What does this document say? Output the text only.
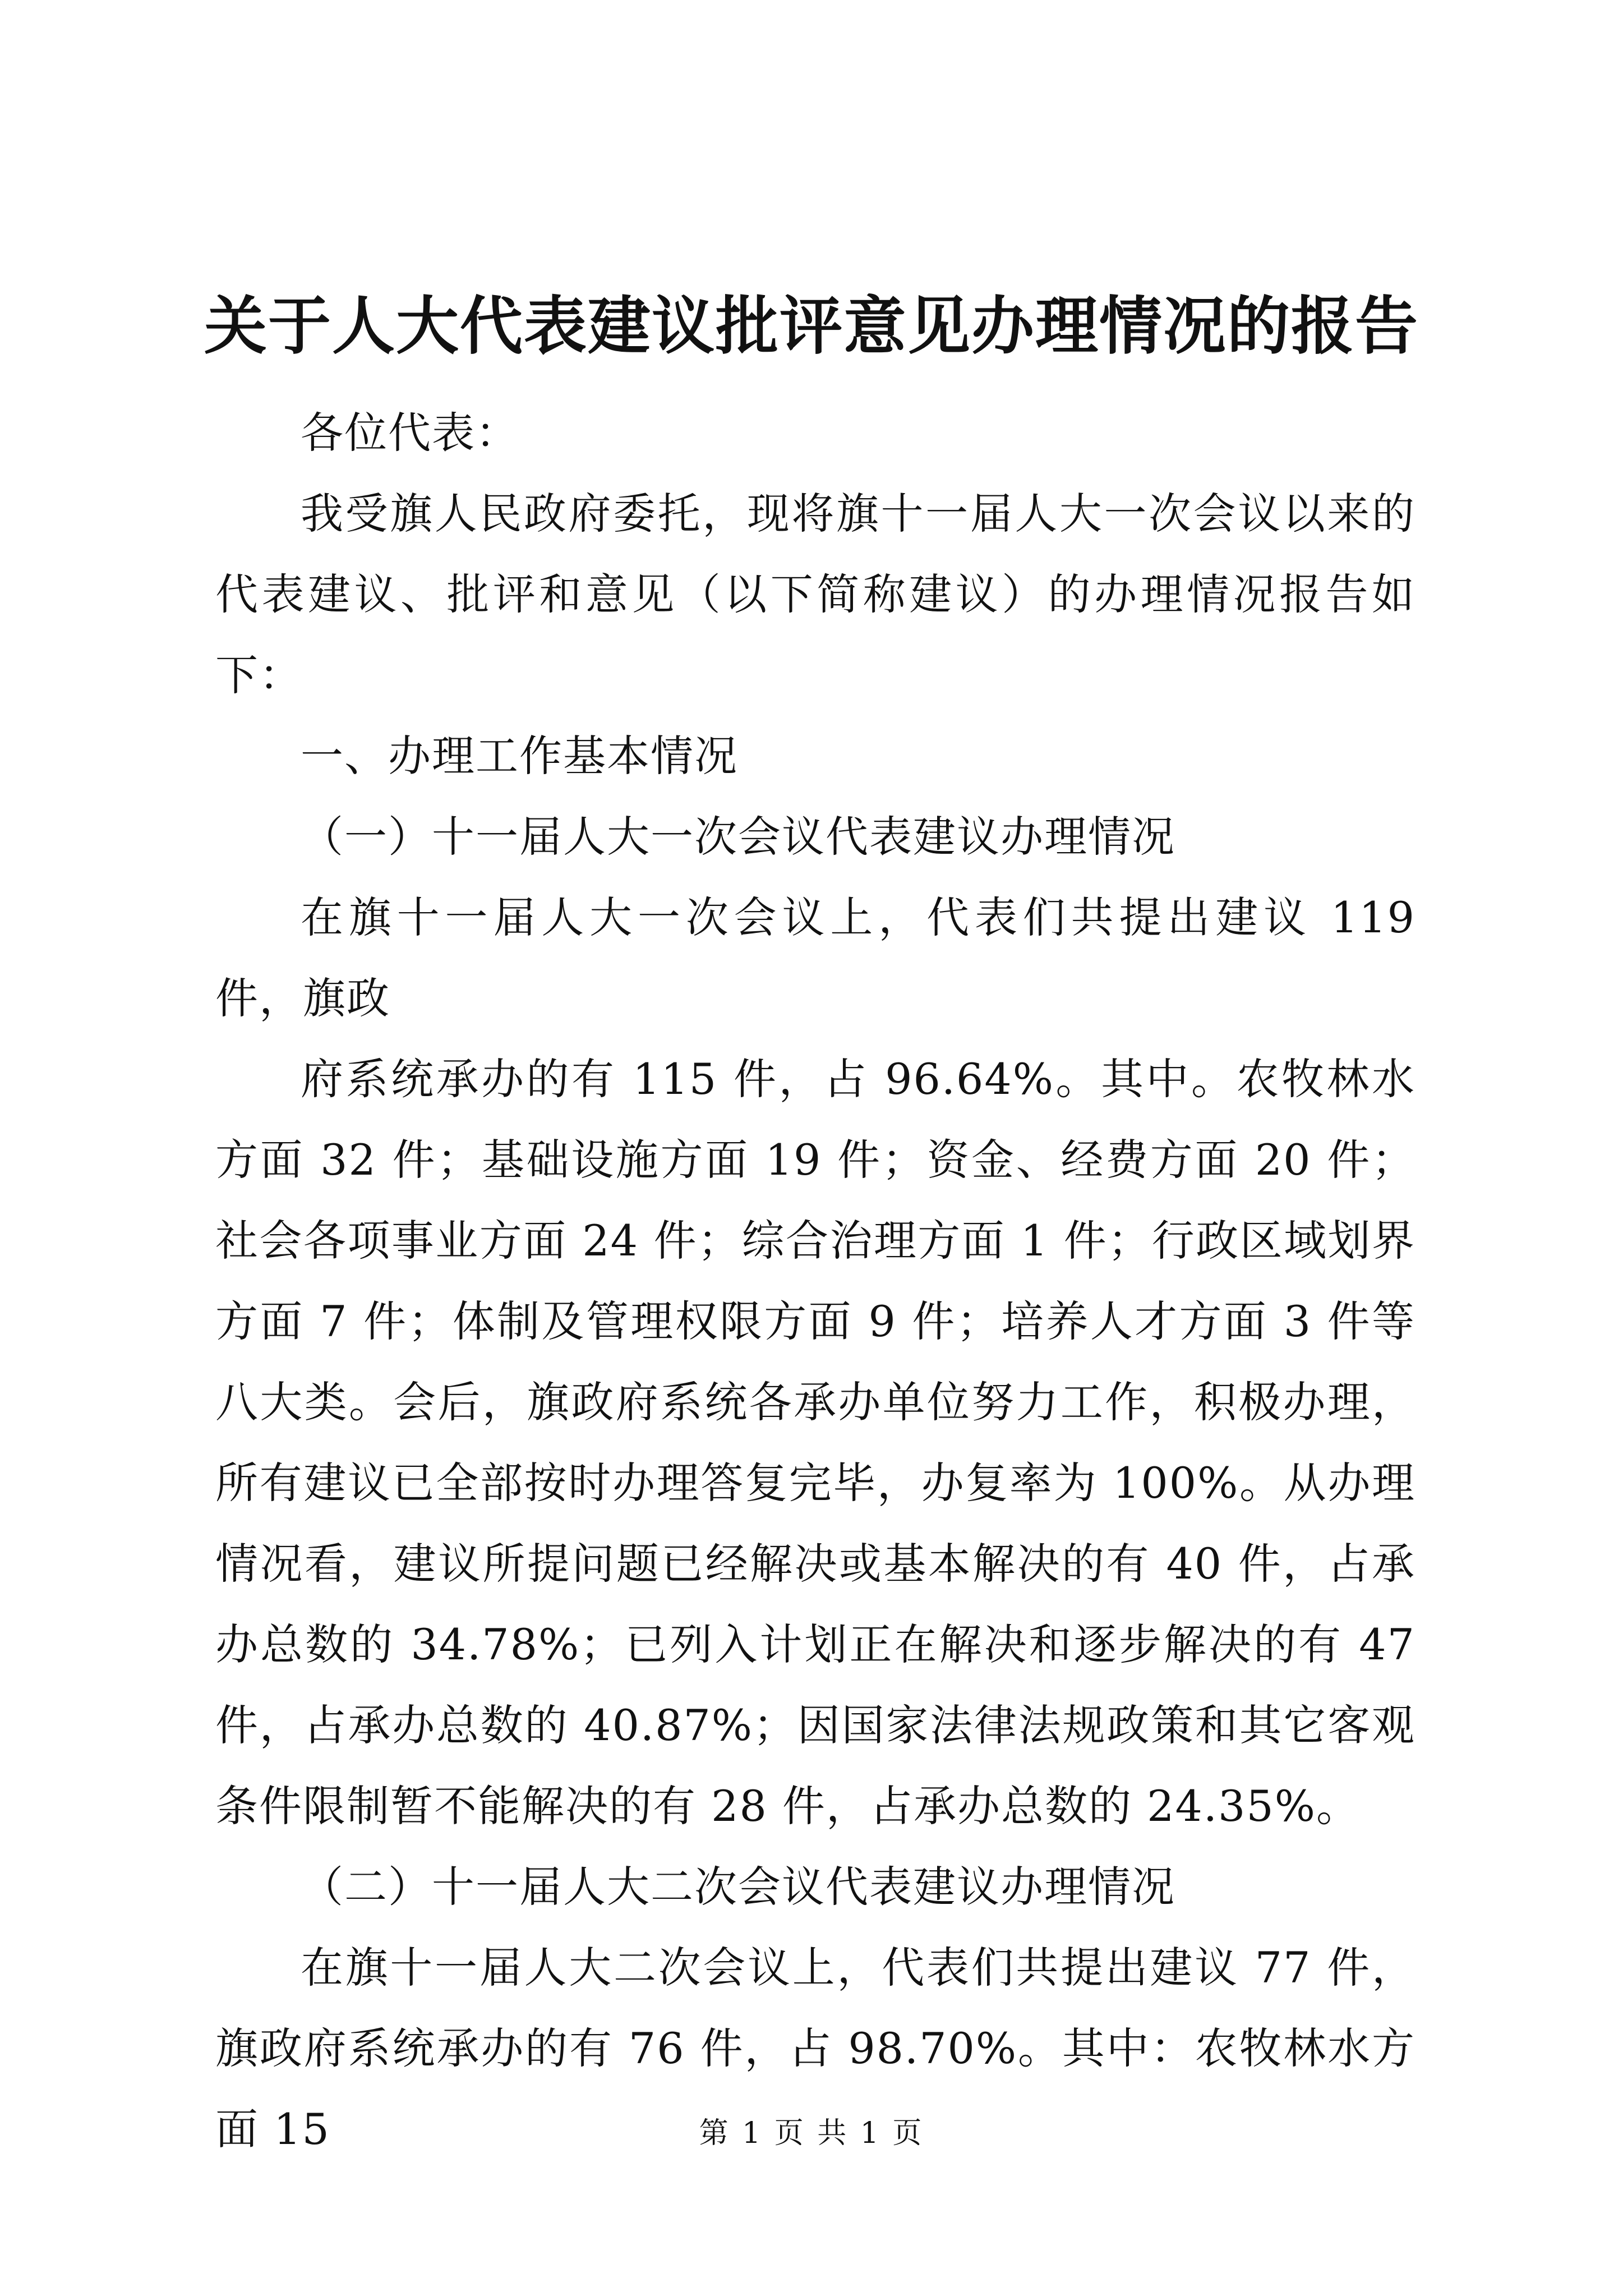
关于人大代表建议批评意见办理情况的报告

各位代表：

我受旗人民政府委托，现将旗十一届人大一次会议以来的代表建议、批评和意见（以下简称建议）的办理情况报告如下：

一、办理工作基本情况

（一）十一届人大一次会议代表建议办理情况

在旗十一届人大一次会议上，代表们共提出建议 119 件，旗政

府系统承办的有 115 件，占 96.64%。其中。农牧林水方面 32 件；基础设施方面 19 件；资金、经费方面 20 件；社会各项事业方面 24 件；综合治理方面 1 件；行政区域划界方面 7 件；体制及管理权限方面 9 件；培养人才方面 3 件等八大类。会后，旗政府系统各承办单位努力工作，积极办理，所有建议已全部按时办理答复完毕，办复率为 100%。从办理情况看，建议所提问题已经解决或基本解决的有 40 件，占承办总数的 34.78%；已列入计划正在解决和逐步解决的有 47 件，占承办总数的 40.87%；因国家法律法规政策和其它客观条件限制暂不能解决的有 28 件，占承办总数的 24.35%。

（二）十一届人大二次会议代表建议办理情况

在旗十一届人大二次会议上，代表们共提出建议 77 件，旗政府系统承办的有 76 件，占 98.70%。其中：农牧林水方面 15	第 1 页 共 1 页
